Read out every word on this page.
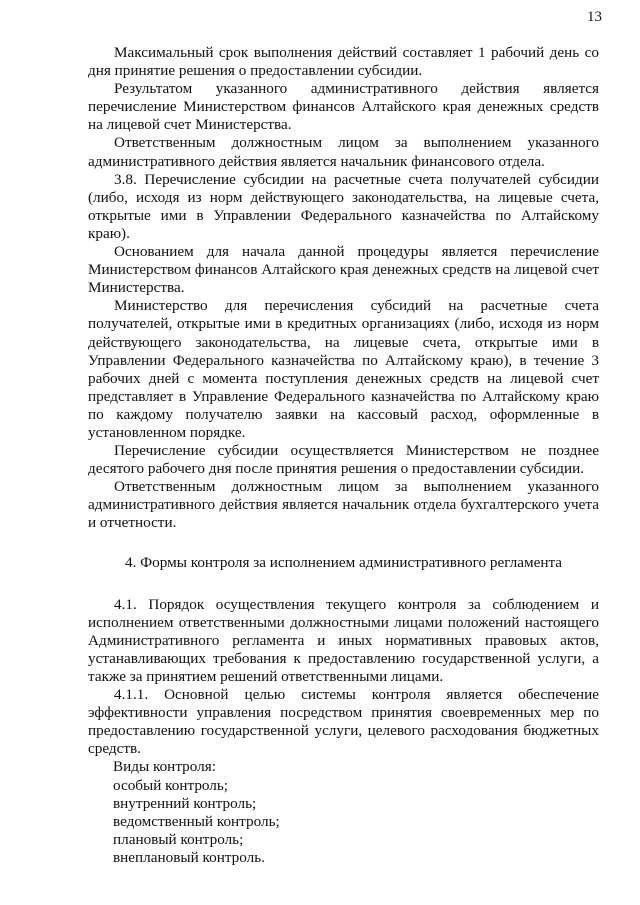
13

Максимальный срок выполнения действий составляет 1 рабочий день со дня принятие решения о предоставлении субсидии.

Результатом указанного административного действия является перечисление Министерством финансов Алтайского края денежных средств на лицевой счет Министерства.

Ответственным должностным лицом за выполнением указанного административного действия является начальник финансового отдела.

3.8. Перечисление субсидии на расчетные счета получателей субсидии (либо, исходя из норм действующего законодательства, на лицевые счета, открытые ими в Управлении Федерального казначейства по Алтайскому краю).

Основанием для начала данной процедуры является перечисление Министерством финансов Алтайского края денежных средств на лицевой счет Министерства.

Министерство для перечисления субсидий на расчетные счета получателей, открытые ими в кредитных организациях (либо, исходя из норм действующего законодательства, на лицевые счета, открытые ими в Управлении Федерального казначейства по Алтайскому краю), в течение 3 рабочих дней с момента поступления денежных средств на лицевой счет представляет в Управление Федерального казначейства по Алтайскому краю по каждому получателю заявки на кассовый расход, оформленные в установленном порядке.

Перечисление субсидии осуществляется Министерством не позднее десятого рабочего дня после принятия решения о предоставлении субсидии.

Ответственным должностным лицом за выполнением указанного административного действия является начальник отдела бухгалтерского учета и отчетности.

4. Формы контроля за исполнением административного регламента

4.1. Порядок осуществления текущего контроля за соблюдением и исполнением ответственными должностными лицами положений настоящего Административного регламента и иных нормативных правовых актов, устанавливающих требования к предоставлению государственной услуги, а также за принятием решений ответственными лицами.

4.1.1. Основной целью системы контроля является обеспечение эффективности управления посредством принятия своевременных мер по предоставлению государственной услуги, целевого расходования бюджетных средств.

Виды контроля:

особый контроль;

внутренний контроль;

ведомственный контроль;

плановый контроль;

внеплановый контроль.
